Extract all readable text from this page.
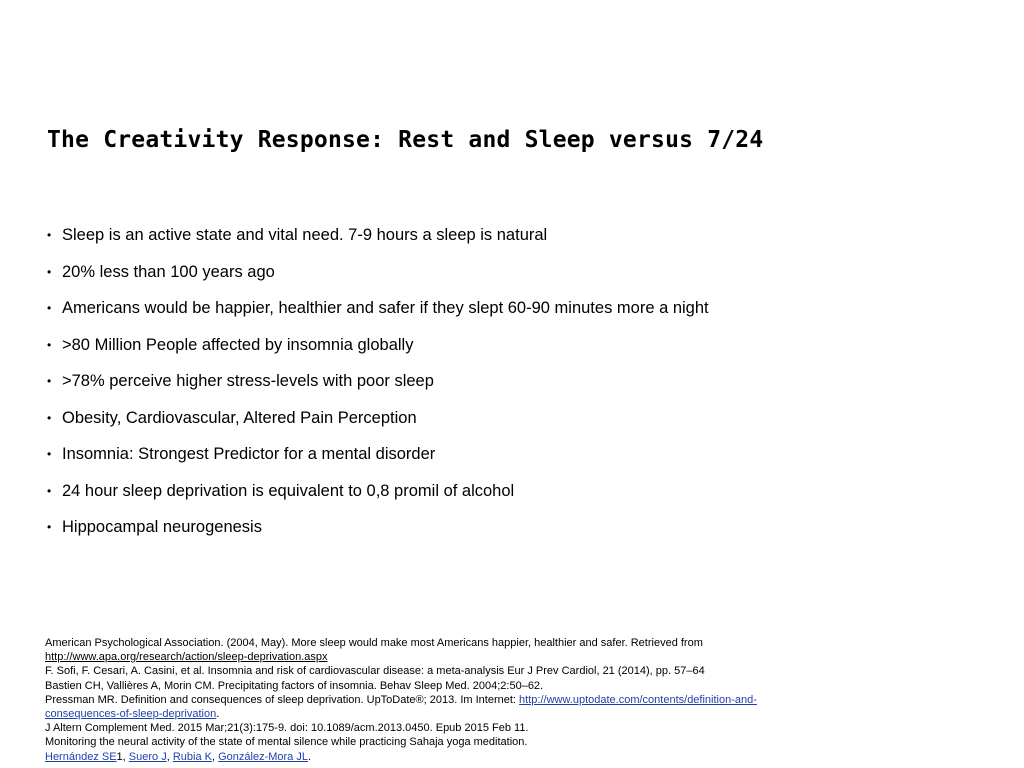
The Creativity Response: Rest and Sleep versus 7/24
• Sleep is an active state and vital need. 7-9 hours a sleep is natural
• 20% less than 100 years ago
• Americans would be happier, healthier and safer if they slept 60-90 minutes more a night
• >80 Million People affected by insomnia globally
• >78% perceive higher stress-levels with poor sleep
• Obesity, Cardiovascular, Altered Pain Perception
• Insomnia: Strongest Predictor for a mental disorder
• 24 hour sleep deprivation is equivalent to 0,8 promil of alcohol
• Hippocampal neurogenesis
American Psychological Association. (2004, May). More sleep would make most Americans happier, healthier and safer. Retrieved from
http://www.apa.org/research/action/sleep-deprivation.aspx
F. Sofi, F. Cesari, A. Casini, et al. Insomnia and risk of cardiovascular disease: a meta-analysis Eur J Prev Cardiol, 21 (2014), pp. 57–64
Bastien CH, Vallières A, Morin CM. Precipitating factors of insomnia. Behav Sleep Med. 2004;2:50–62.
Pressman MR. Definition and consequences of sleep deprivation. UpToDate®; 2013. Im Internet: http://www.uptodate.com/contents/definition-and-
consequences-of-sleep-deprivation.
J Altern Complement Med. 2015 Mar;21(3):175-9. doi: 10.1089/acm.2013.0450. Epub 2015 Feb 11.
Monitoring the neural activity of the state of mental silence while practicing Sahaja yoga meditation.
Hernández SE1, Suero J, Rubia K, González-Mora JL.
